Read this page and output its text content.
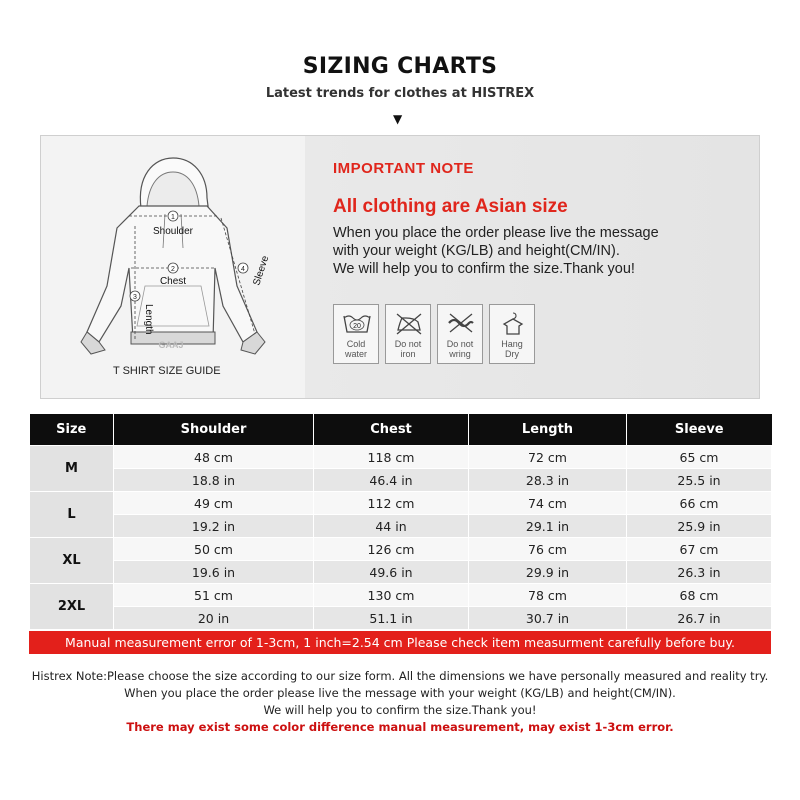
SIZING CHARTS
Latest trends for clothes at HISTREX
▼
1
Shoulder
2
Chest
3
Length
4 Sleeve
GAAJ
T SHIRT SIZE GUIDE
IMPORTANT NOTE
All clothing are Asian size
When you place the order please live the message
with your weight (KG/LB) and height(CM/IN).
We will help you to confirm the size.Thank you!
20
Cold
water
Do not
iron
Do not
wring
Hang
Dry
Size	Shoulder	Chest	Length	Sleeve
M	48 cm	118 cm	72 cm	65 cm
	18.8 in	46.4 in	28.3 in	25.5 in
L	49 cm	112 cm	74 cm	66 cm
	19.2 in	44 in	29.1 in	25.9 in
XL	50 cm	126 cm	76 cm	67 cm
	19.6 in	49.6 in	29.9 in	26.3 in
2XL	51 cm	130 cm	78 cm	68 cm
	20 in	51.1 in	30.7 in	26.7 in
Manual measurement error of 1-3cm, 1 inch=2.54 cm Please check item measurment carefully before buy.
Histrex Note:Please choose the size according to our size form. All the dimensions we have personally measured and reality try.
When you place the order please live the message with your weight (KG/LB) and height(CM/IN).
We will help you to confirm the size.Thank you!
There may exist some color difference manual measurement, may exist 1-3cm error.
